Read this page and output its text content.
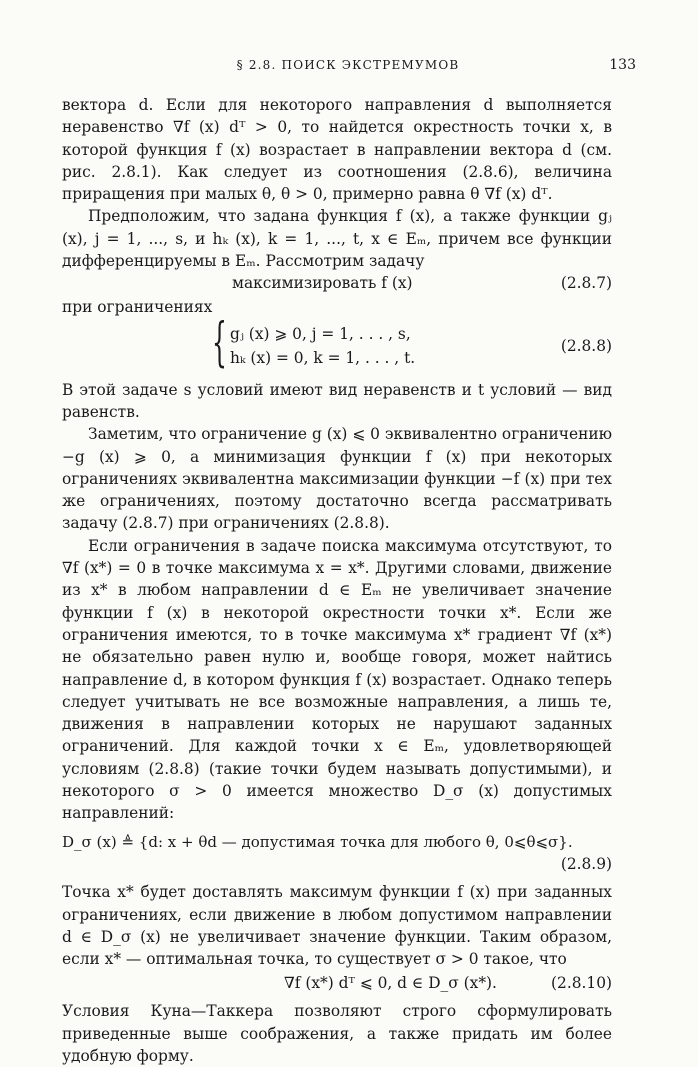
§ 2.8. ПОИСК ЭКСТРЕМУМОВ	133

вектора d. Если для некоторого направления d выполняется неравенство ∇f (x) dᵀ > 0, то найдется окрестность точки x, в которой функция f (x) возрастает в направлении вектора d (см. рис. 2.8.1). Как следует из соотношения (2.8.6), величина приращения при малых θ, θ > 0, примерно равна θ ∇f (x) dᵀ.

Предположим, что задана функция f (x), а также функции gⱼ (x), j = 1, ..., s, и hₖ (x), k = 1, ..., t, x ∈ Eₘ, причем все функции дифференцируемы в Eₘ. Рассмотрим задачу

максимизировать f (x)	(2.8.7)

при ограничениях

{ gⱼ (x) ⩾ 0, j = 1, . . . , s,
hₖ (x) = 0, k = 1, . . . , t.
(2.8.8)

В этой задаче s условий имеют вид неравенств и t условий — вид равенств.

Заметим, что ограничение g (x) ⩽ 0 эквивалентно ограничению −g (x) ⩾ 0, а минимизация функции f (x) при некоторых ограничениях эквивалентна максимизации функции −f (x) при тех же ограничениях, поэтому достаточно всегда рассматривать задачу (2.8.7) при ограничениях (2.8.8).

Если ограничения в задаче поиска максимума отсутствуют, то ∇f (x*) = 0 в точке максимума x = x*. Другими словами, движение из x* в любом направлении d ∈ Eₘ не увеличивает значение функции f (x) в некоторой окрестности точки x*. Если же ограничения имеются, то в точке максимума x* градиент ∇f (x*) не обязательно равен нулю и, вообще говоря, может найтись направление d, в котором функция f (x) возрастает. Однако теперь следует учитывать не все возможные направления, а лишь те, движения в направлении которых не нарушают заданных ограничений. Для каждой точки x ∈ Eₘ, удовлетворяющей условиям (2.8.8) (такие точки будем называть допустимыми), и некоторого σ > 0 имеется множество D_σ (x) допустимых направлений:

D_σ (x) ≜ {d: x + θd — допустимая точка для любого θ, 0⩽θ⩽σ}.
(2.8.9)

Точка x* будет доставлять максимум функции f (x) при заданных ограничениях, если движение в любом допустимом направлении d ∈ D_σ (x) не увеличивает значение функции. Таким образом, если x* — оптимальная точка, то существует σ > 0 такое, что

∇f (x*) dᵀ ⩽ 0, d ∈ D_σ (x*).	(2.8.10)

Условия Куна—Таккера позволяют строго сформулировать приведенные выше соображения, а также придать им более удобную форму.
